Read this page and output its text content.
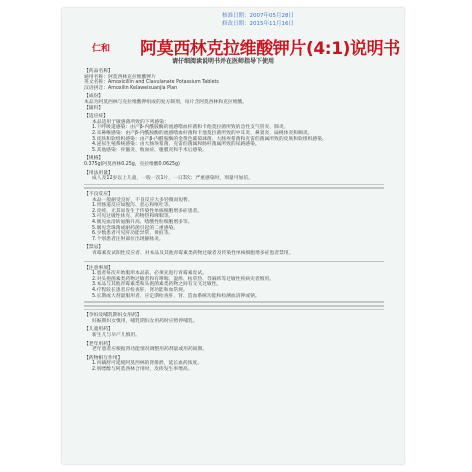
核准日期：2007年05月28日
修改日期：2015年11月16日
仁和 阿莫西林克拉维酸钾片(4:1)说明书
请仔细阅读说明书并在医师指导下使用
【药品名称】

通用名称：阿莫西林克拉维酸钾片

英文名称：Amoxicillin and Clavulanate Potassium Tablets

汉语拼音：Amoxilin Kelaweisuanjia Pian

【成份】

本品为阿莫西林与克拉维酸钾组成的复方制剂，每片含阿莫西林和克拉维酸。

【辅料】

【适应症】

本品适用于敏感菌所致的下列感染：

1.下呼吸道感染：由产β-内酰胺酶的流感嗜血杆菌和卡他莫拉菌所致的急性支气管炎、肺炎。

2.耳鼻喉感染：由产β-内酰胺酶的流感嗜血杆菌和卡他莫拉菌所致的中耳炎、鼻窦炎、扁桃体炎和咽炎。

3.皮肤和软组织感染：由产β-内酰胺酶的金黄色葡萄球菌、大肠埃希菌和克雷伯菌属所致的皮肤和软组织感染。

4.泌尿生殖系统感染：由大肠埃希菌、克雷伯菌属和肠杆菌属所致的尿路感染。

5.其他感染：骨髓炎、败血症、腹膜炎和手术后感染。

【规格】

0.375g(阿莫西林0.25g，克拉维酸0.0625g)

【用法用量】

成人及12岁以上儿童，一般一次1片，一日3次；严重感染时，剂量可加倍。

【不良反应】

本品一般耐受良好，不良反应大多轻微而短暂。

1.胃肠道反应如腹泻、恶心和呕吐等。

2.皮疹，尤其易发生于传染性单核细胞增多症患者。

3.可见过敏性休克、药物热和哮喘等。

4.偶见血清转氨酶升高、嗜酸性粒细胞增多等。

5.偶见念珠菌或耐药菌引起的二重感染。

6.少数患者可见肝功能异常、黄疸等。

7.个别患者注射部位出现静脉炎。

【禁忌】

青霉素皮试阳性反应者、对本品及其他青霉素类药物过敏者及传染性单核细胞增多症患者禁用。

【注意事项】

1.患者每次开始服用本品前，必须先进行青霉素皮试。

2.对头孢菌素类药物过敏者和有哮喘、湿疹、枯草热、荨麻疹等过敏性疾病史者慎用。

3.本品与其他青霉素类和头孢菌素类药物之间有交叉过敏性。

4.疗程较长患者应检查肝、肾功能和血常规。

5.长期或大剂量服用者，应定期检查肝、肾、造血系统功能和检测血清钾或钠。

【孕妇及哺乳期妇女用药】

妊娠期妇女慎用，哺乳期妇女用药时应暂停哺乳。

【儿童用药】

新生儿与早产儿慎用。

【老年用药】

老年患者应根据肾功能情况调整用药剂量或用药间期。

【药物相互作用】

1.丙磺舒可延缓阿莫西林的肾排泄，延长血药浓度。

2.别嘌醇与阿莫西林合用时，皮疹发生率增高。
